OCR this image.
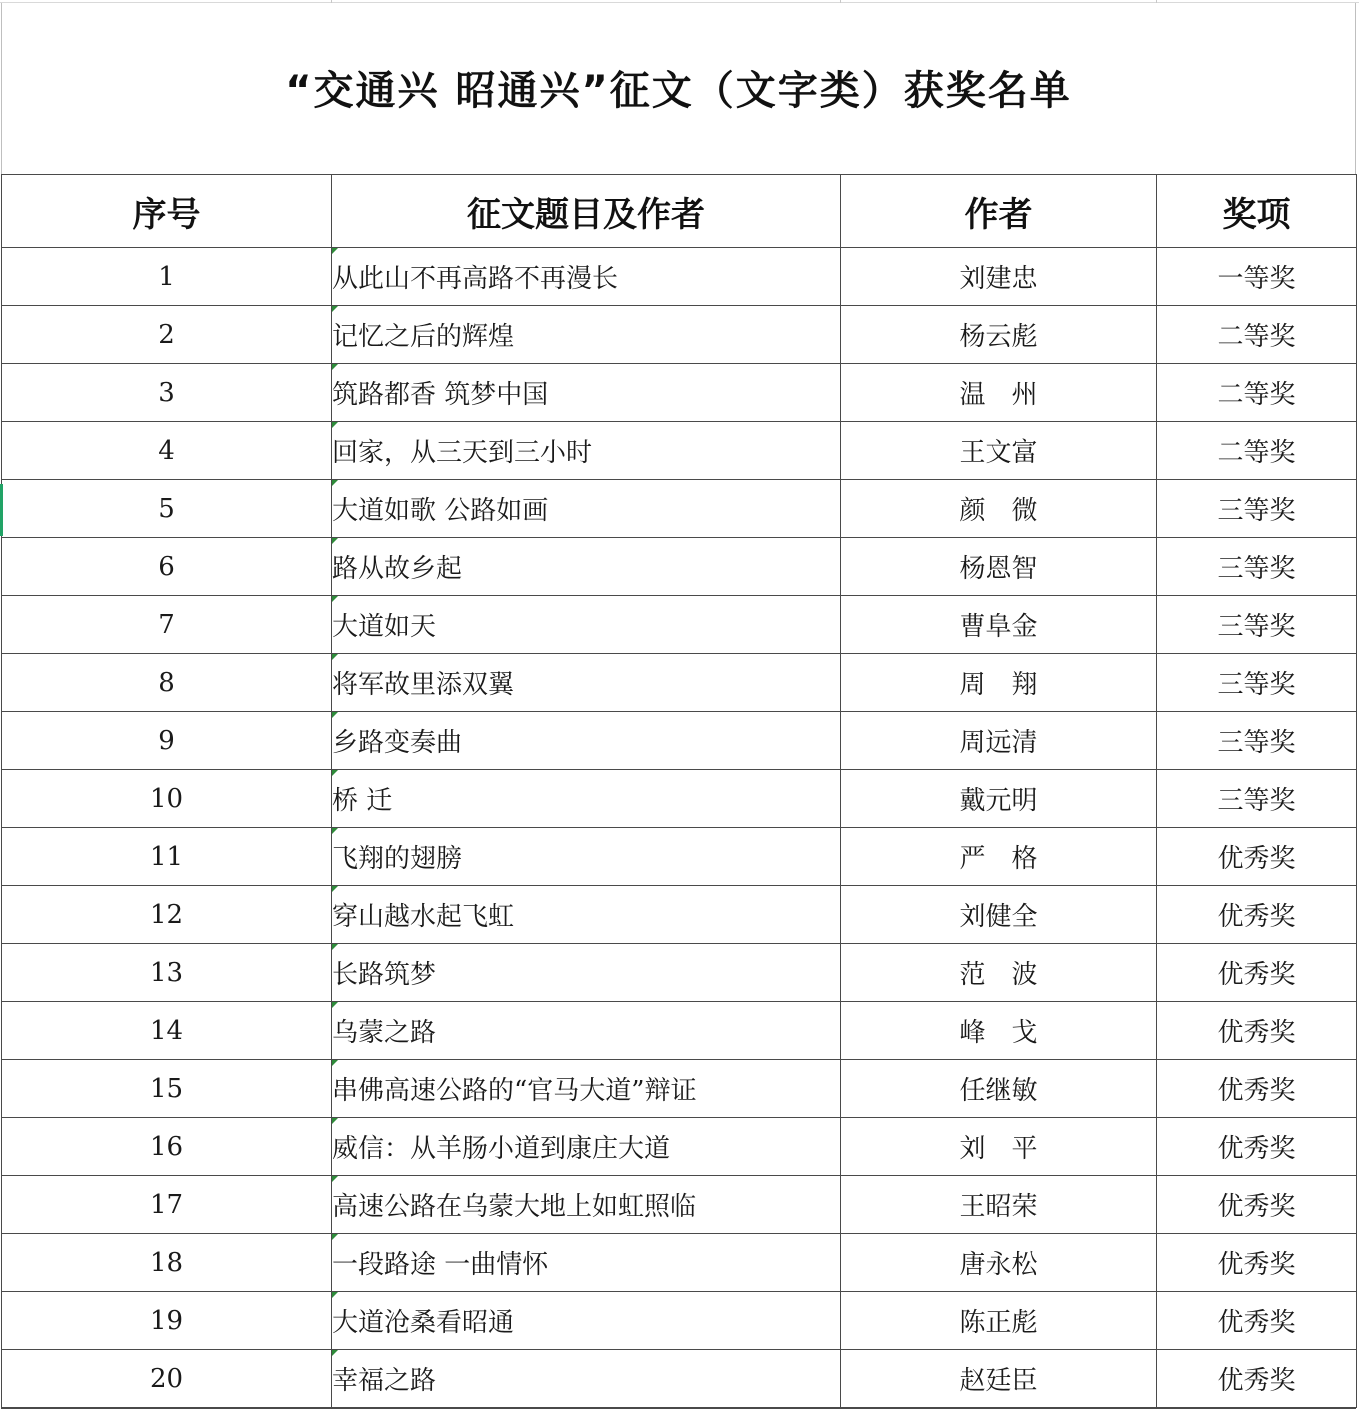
“交通兴 昭通兴”征文（文字类）获奖名单
序号	征文题目及作者	作者	奖项
1	从此山不再高路不再漫长	刘建忠	一等奖
2	记忆之后的辉煌	杨云彪	二等奖
3	筑路都香 筑梦中国	温　州	二等奖
4	回家，从三天到三小时	王文富	二等奖
5	大道如歌 公路如画	颜　微	三等奖
6	路从故乡起	杨恩智	三等奖
7	大道如天	曹阜金	三等奖
8	将军故里添双翼	周　翔	三等奖
9	乡路变奏曲	周远清	三等奖
10	桥 迁	戴元明	三等奖
11	飞翔的翅膀	严　格	优秀奖
12	穿山越水起飞虹	刘健全	优秀奖
13	长路筑梦	范　波	优秀奖
14	乌蒙之路	峰　戈	优秀奖
15	串佛高速公路的“官马大道”辩证	任继敏	优秀奖
16	威信：从羊肠小道到康庄大道	刘　平	优秀奖
17	高速公路在乌蒙大地上如虹照临	王昭荣	优秀奖
18	一段路途 一曲情怀	唐永松	优秀奖
19	大道沧桑看昭通	陈正彪	优秀奖
20	幸福之路	赵廷臣	优秀奖
